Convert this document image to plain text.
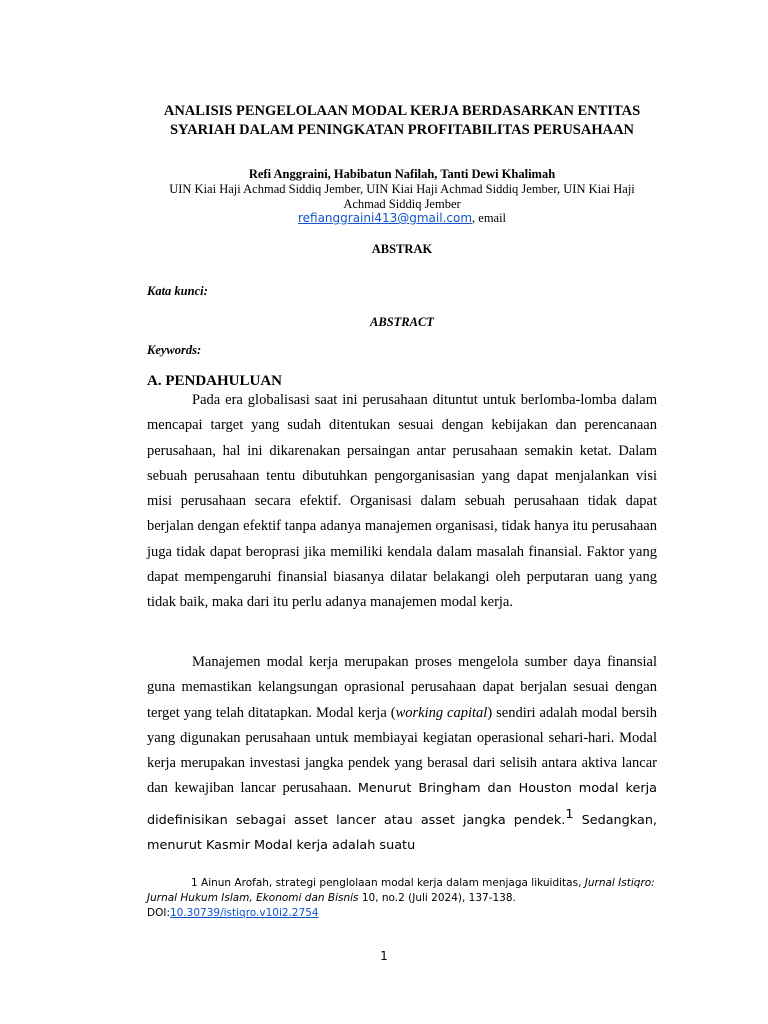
ANALISIS PENGELOLAAN MODAL KERJA BERDASARKAN ENTITAS SYARIAH DALAM PENINGKATAN PROFITABILITAS PERUSAHAAN
Refi Anggraini, Habibatun Nafilah, Tanti Dewi Khalimah
UIN Kiai Haji Achmad Siddiq Jember, UIN Kiai Haji Achmad Siddiq Jember, UIN Kiai Haji Achmad Siddiq Jember
refianggraini413@gmail.com, email
ABSTRAK
Kata kunci:
ABSTRACT
Keywords:
A. PENDAHULUAN

Pada era globalisasi saat ini perusahaan dituntut untuk berlomba-lomba dalam mencapai target yang sudah ditentukan sesuai dengan kebijakan dan perencanaan perusahaan, hal ini dikarenakan persaingan antar perusahaan semakin ketat. Dalam sebuah perusahaan tentu dibutuhkan pengorganisasian yang dapat menjalankan visi misi perusahaan secara efektif. Organisasi dalam sebuah perusahaan tidak dapat berjalan dengan efektif tanpa adanya manajemen organisasi, tidak hanya itu perusahaan juga tidak dapat beroprasi jika memiliki kendala dalam masalah finansial. Faktor yang dapat mempengaruhi finansial biasanya dilatar belakangi oleh perputaran uang yang tidak baik, maka dari itu perlu adanya manajemen modal kerja.

Manajemen modal kerja merupakan proses mengelola sumber daya finansial guna memastikan kelangsungan oprasional perusahaan dapat berjalan sesuai dengan terget yang telah ditatapkan. Modal kerja (working capital) sendiri adalah modal bersih yang digunakan perusahaan untuk membiayai kegiatan operasional sehari-hari. Modal kerja merupakan investasi jangka pendek yang berasal dari selisih antara aktiva lancar dan kewajiban lancar perusahaan. Menurut Bringham dan Houston modal kerja didefinisikan sebagai asset lancer atau asset jangka pendek.$^1$ Sedangkan, menurut Kasmir Modal kerja adalah suatu

1 Ainun Arofah, strategi penglolaan modal kerja dalam menjaga likuiditas, Jurnal Istiqro: Jurnal Hukum Islam, Ekonomi dan Bisnis 10, no.2 (Juli 2024), 137-138.
DOI:10.30739/istiqro.v10i2.2754
1
